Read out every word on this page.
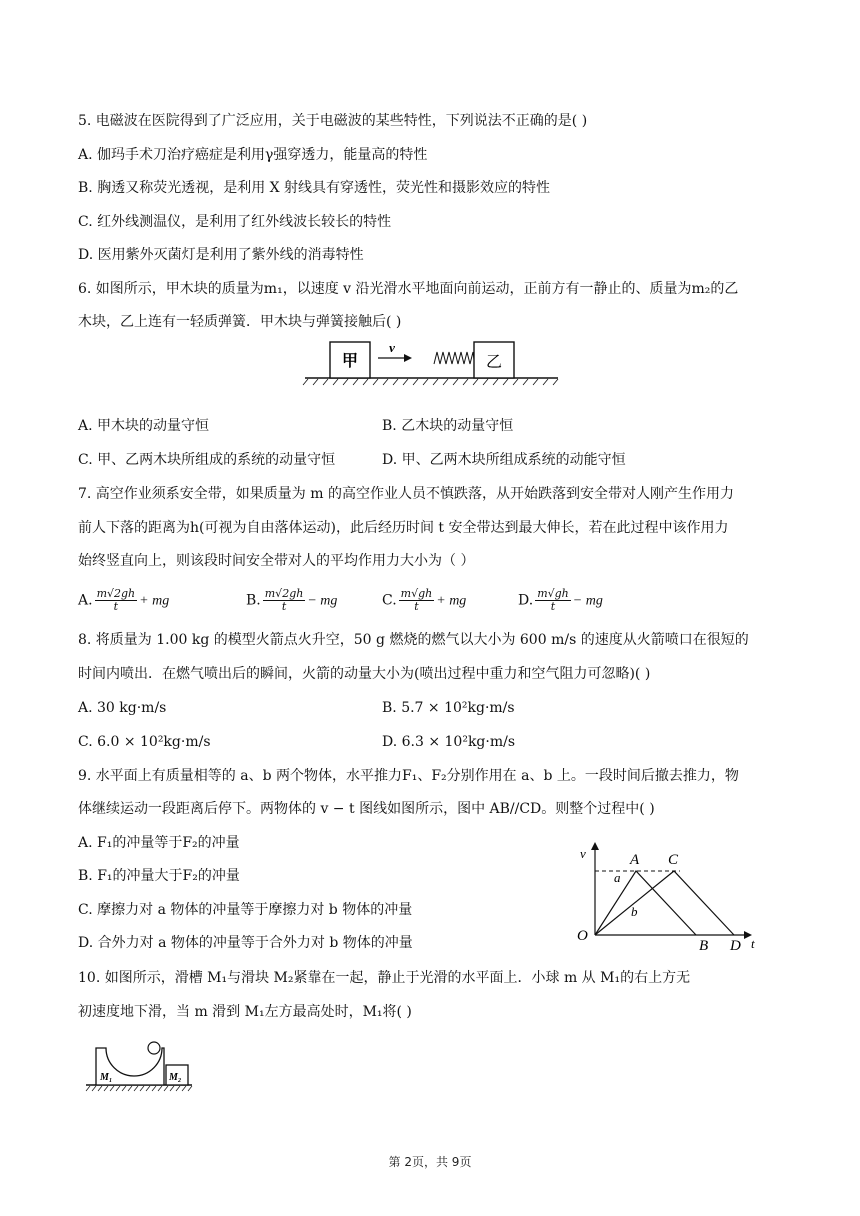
5. 电磁波在医院得到了广泛应用，关于电磁波的某些特性，下列说法不正确的是( )
A. 伽玛手术刀治疗癌症是利用γ强穿透力，能量高的特性
B. 胸透又称荧光透视，是利用 X 射线具有穿透性，荧光性和摄影效应的特性
C. 红外线测温仪，是利用了红外线波长较长的特性
D. 医用紫外灭菌灯是利用了紫外线的消毒特性
6. 如图所示，甲木块的质量为m₁，以速度 v 沿光滑水平地面向前运动，正前方有一静止的、质量为m₂的乙
木块，乙上连有一轻质弹簧．甲木块与弹簧接触后( )
甲
v
乙
A. 甲木块的动量守恒	B. 乙木块的动量守恒
C. 甲、乙两木块所组成的系统的动量守恒	D. 甲、乙两木块所组成系统的动能守恒
7. 高空作业须系安全带，如果质量为 m 的高空作业人员不慎跌落，从开始跌落到安全带对人刚产生作用力
前人下落的距离为h(可视为自由落体运动)，此后经历时间 t 安全带达到最大伸长，若在此过程中该作用力
始终竖直向上，则该段时间安全带对人的平均作用力大小为（ ）
A. $\frac{m√2gh}{t}$ + mg	B. $\frac{m√2gh}{t}$ − mg	C. $\frac{m√gh}{t}$ + mg	D. $\frac{m√gh}{t}$ − mg
8. 将质量为 1.00 kg 的模型火箭点火升空，50 g 燃烧的燃气以大小为 600 m/s 的速度从火箭喷口在很短的
时间内喷出．在燃气喷出后的瞬间，火箭的动量大小为(喷出过程中重力和空气阻力可忽略)( )
A. 30 kg·m/s	B. 5.7 × 10²kg·m/s
C. 6.0 × 10²kg·m/s	D. 6.3 × 10²kg·m/s
9. 水平面上有质量相等的 a、b 两个物体，水平推力F₁、F₂分别作用在 a、b 上。一段时间后撤去推力，物
体继续运动一段距离后停下。两物体的 v − t 图线如图所示，图中 AB//CD。则整个过程中( )
A. F₁的冲量等于F₂的冲量
B. F₁的冲量大于F₂的冲量
C. 摩擦力对 a 物体的冲量等于摩擦力对 b 物体的冲量
D. 合外力对 a 物体的冲量等于合外力对 b 物体的冲量
v	A C
a
b
O
B D t
10. 如图所示，滑槽 M₁与滑块 M₂紧靠在一起，静止于光滑的水平面上．小球 m 从 M₁的右上方无
初速度地下滑，当 m 滑到 M₁左方最高处时，M₁将( )
M₁	M₂
第 2页，共 9页
